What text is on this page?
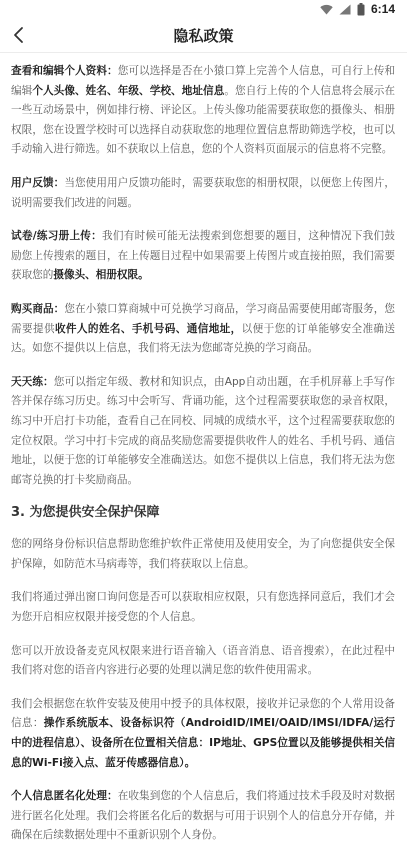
6:14
隐私政策

查看和编辑个人资料：您可以选择是否在小猿口算上完善个人信息，可自行上传和编辑个人头像、姓名、年级、学校、地址信息。您自行上传的个人信息将会展示在一些互动场景中，例如排行榜、评论区。上传头像功能需要获取您的摄像头、相册权限，您在设置学校时可以选择自动获取您的地理位置信息帮助筛选学校，也可以手动输入进行筛选。如不获取以上信息，您的个人资料页面展示的信息将不完整。

用户反馈：当您使用用户反馈功能时，需要获取您的相册权限，以便您上传图片，说明需要我们改进的问题。

试卷/练习册上传：我们有时候可能无法搜索到您想要的题目，这种情况下我们鼓励您上传搜索的题目，在上传题目过程中如果需要上传图片或直接拍照，我们需要获取您的摄像头、相册权限。

购买商品：您在小猿口算商城中可兑换学习商品，学习商品需要使用邮寄服务，您需要提供收件人的姓名、手机号码、通信地址，以便于您的订单能够安全准确送达。如您不提供以上信息，我们将无法为您邮寄兑换的学习商品。

天天练：您可以指定年级、教材和知识点，由App自动出题，在手机屏幕上手写作答并保存练习历史。练习中会听写、背诵功能，这个过程需要获取您的录音权限，练习中开启打卡功能，查看自己在同校、同城的成绩水平，这个过程需要获取您的定位权限。学习中打卡完成的商品奖励您需要提供收件人的姓名、手机号码、通信地址，以便于您的订单能够安全准确送达。如您不提供以上信息，我们将无法为您邮寄兑换的打卡奖励商品。

3. 为您提供安全保护保障

您的网络身份标识信息帮助您维护软件正常使用及使用安全，为了向您提供安全保护保障，如防范木马病毒等，我们将获取以上信息。

我们将通过弹出窗口询问您是否可以获取相应权限，只有您选择同意后，我们才会为您开启相应权限并接受您的个人信息。

您可以开放设备麦克风权限来进行语音输入（语音消息、语音搜索），在此过程中我们将对您的语音内容进行必要的处理以满足您的软件使用需求。

我们会根据您在软件安装及使用中授予的具体权限，接收并记录您的个人常用设备信息：操作系统版本、设备标识符（AndroidID/IMEI/OAID/IMSI/IDFA/运行中的进程信息）、设备所在位置相关信息：IP地址、GPS位置以及能够提供相关信息的Wi-Fi接入点、蓝牙传感器信息）。

个人信息匿名化处理：在收集到您的个人信息后，我们将通过技术手段及时对数据进行匿名化处理。我们会将匿名化后的数据与可用于识别个人的信息分开存储，并确保在后续数据处理中不重新识别个人身份。
